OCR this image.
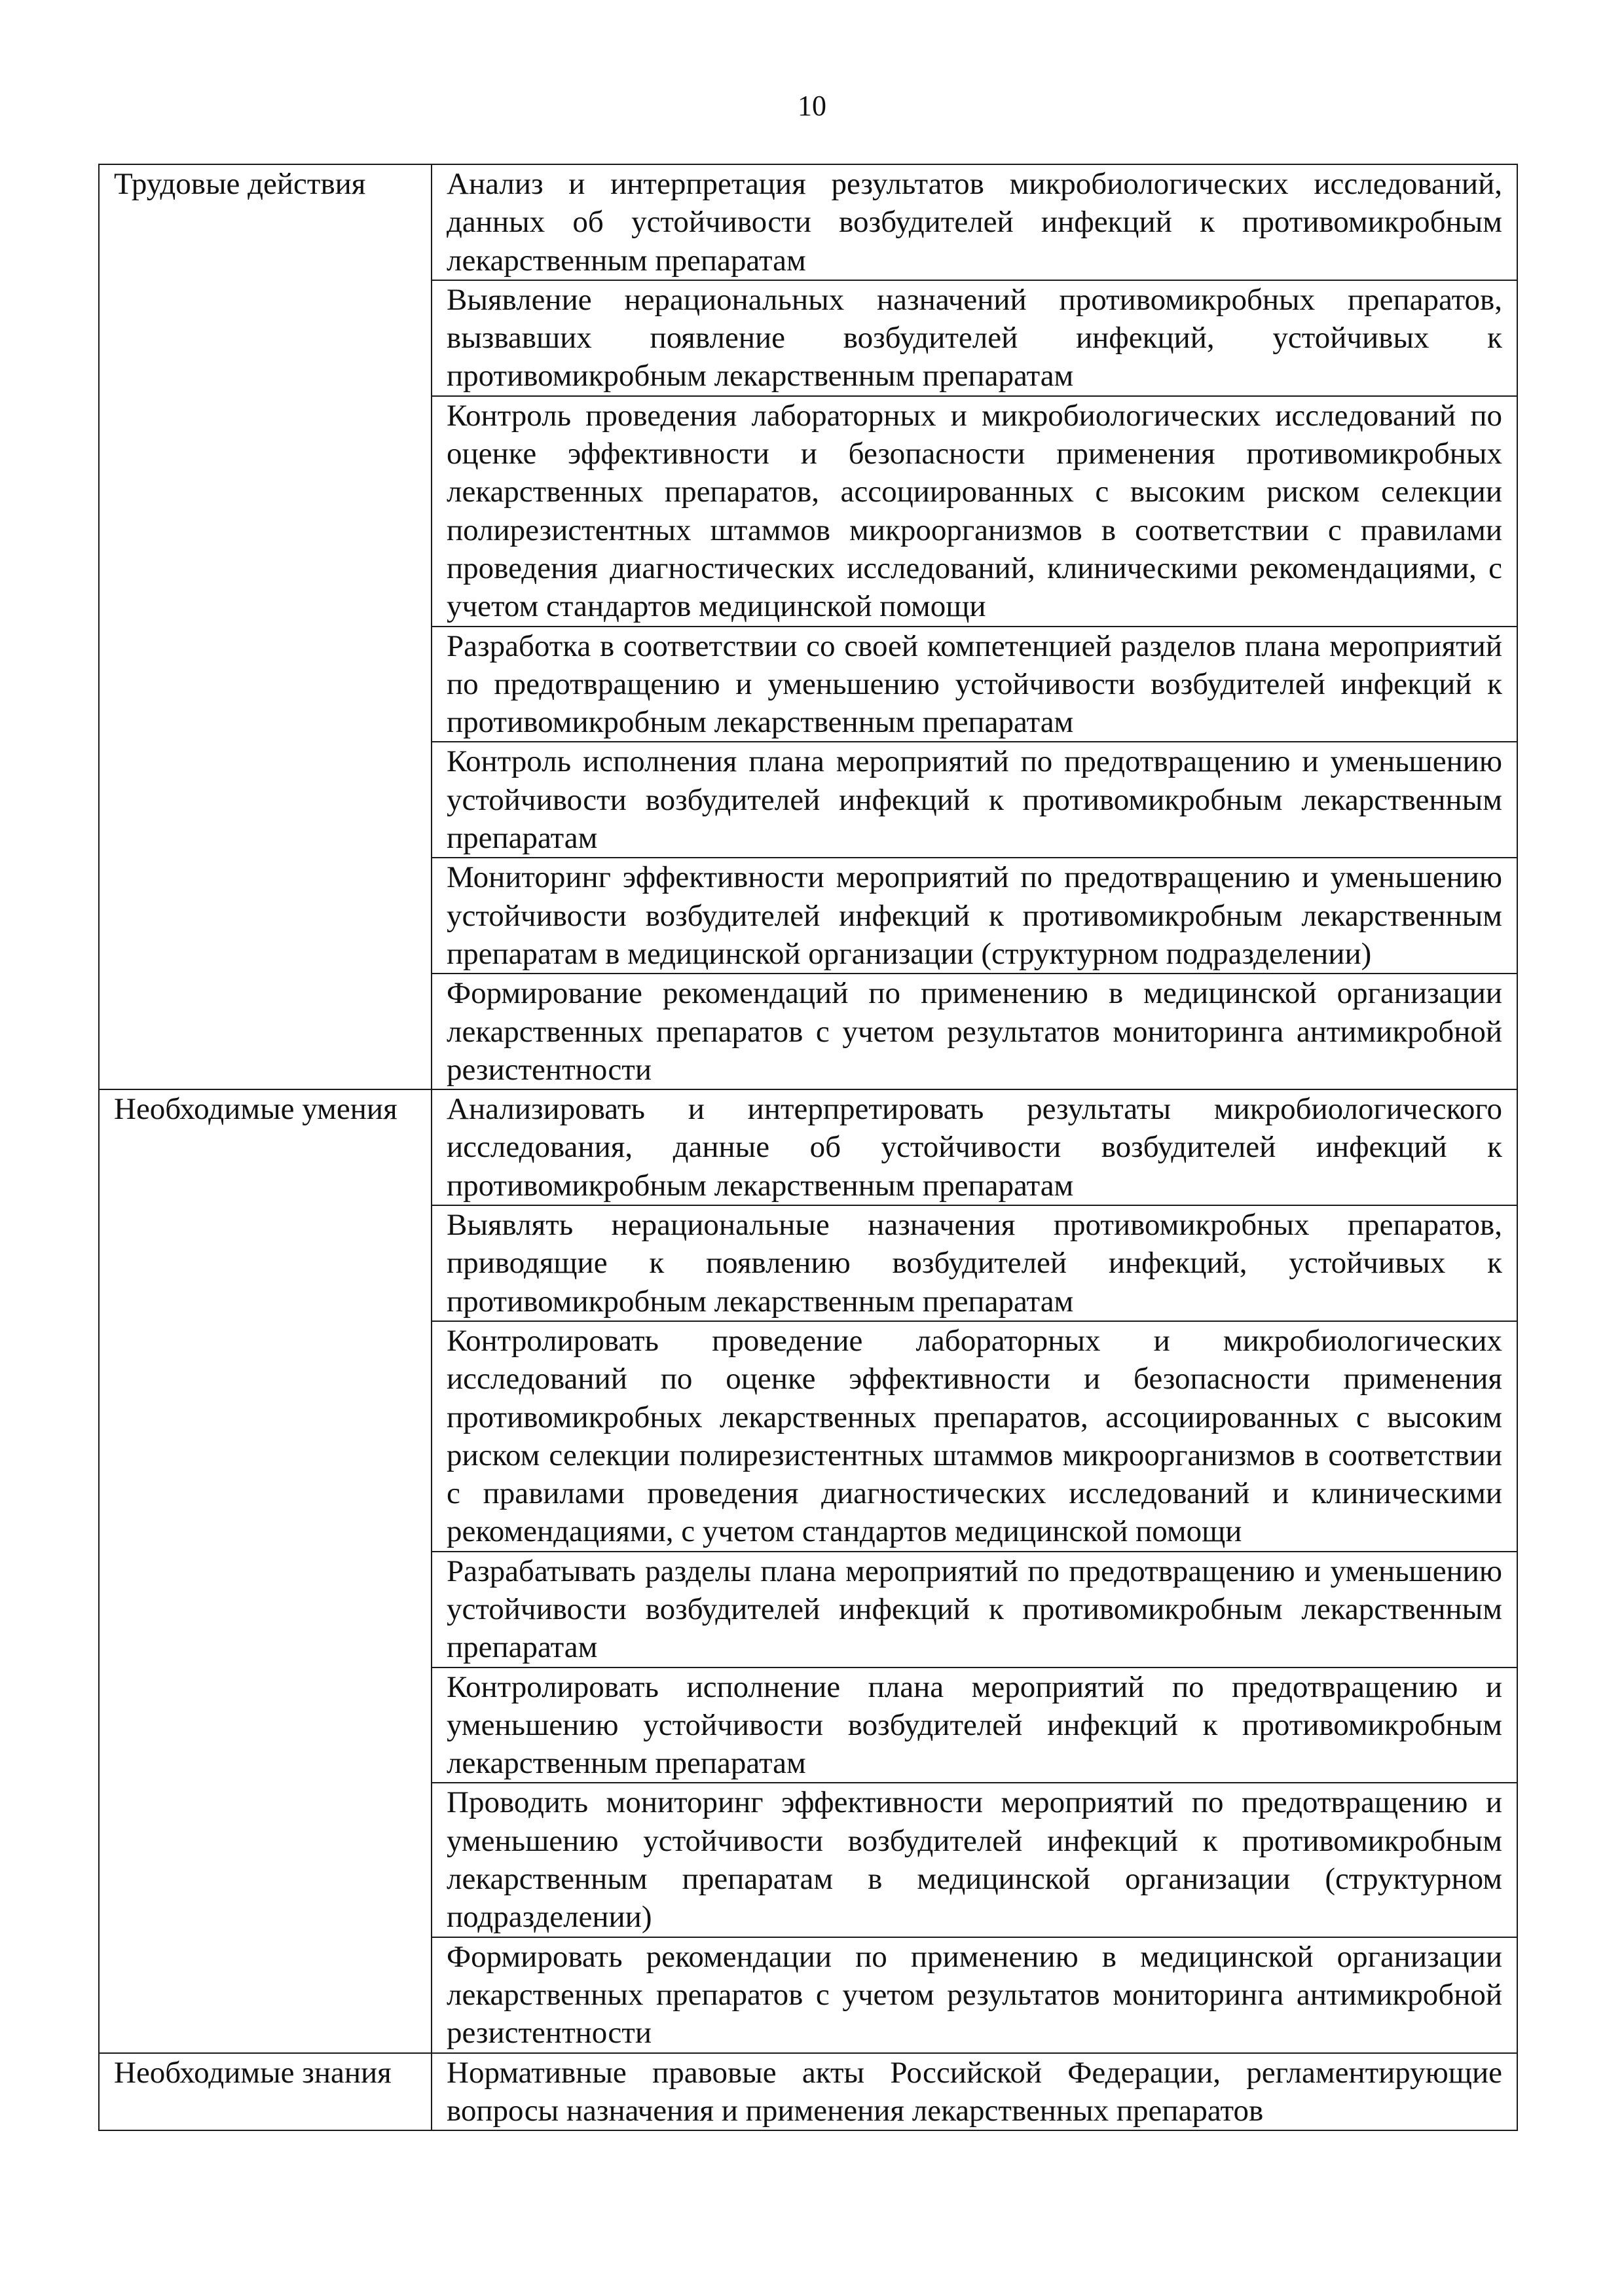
10
Трудовые действия	Анализ и интерпретация результатов микробиологических исследований, данных об устойчивости возбудителей инфекций к противомикробным лекарственным препаратам

	Выявление нерациональных назначений противомикробных препаратов, вызвавших появление возбудителей инфекций, устойчивых к противомикробным лекарственным препаратам

	Контроль проведения лабораторных и микробиологических исследований по оценке эффективности и безопасности применения противомикробных лекарственных препаратов, ассоциированных с высоким риском селекции полирезистентных штаммов микроорганизмов в соответствии с правилами проведения диагностических исследований, клиническими рекомендациями, с учетом стандартов медицинской помощи

	Разработка в соответствии со своей компетенцией разделов плана мероприятий по предотвращению и уменьшению устойчивости возбудителей инфекций к противомикробным лекарственным препаратам

	Контроль исполнения плана мероприятий по предотвращению и уменьшению устойчивости возбудителей инфекций к противомикробным лекарственным препаратам

	Мониторинг эффективности мероприятий по предотвращению и уменьшению устойчивости возбудителей инфекций к противомикробным лекарственным препаратам в медицинской организации (структурном подразделении)

	Формирование рекомендаций по применению в медицинской организации лекарственных препаратов с учетом результатов мониторинга антимикробной резистентности

Необходимые умения	Анализировать и интерпретировать результаты микробиологического исследования, данные об устойчивости возбудителей инфекций к противомикробным лекарственным препаратам

	Выявлять нерациональные назначения противомикробных препаратов, приводящие к появлению возбудителей инфекций, устойчивых к противомикробным лекарственным препаратам

	Контролировать проведение лабораторных и микробиологических исследований по оценке эффективности и безопасности применения противомикробных лекарственных препаратов, ассоциированных с высоким риском селекции полирезистентных штаммов микроорганизмов в соответствии с правилами проведения диагностических исследований и клиническими рекомендациями, с учетом стандартов медицинской помощи

	Разрабатывать разделы плана мероприятий по предотвращению и уменьшению устойчивости возбудителей инфекций к противомикробным лекарственным препаратам

	Контролировать исполнение плана мероприятий по предотвращению и уменьшению устойчивости возбудителей инфекций к противомикробным лекарственным препаратам

	Проводить мониторинг эффективности мероприятий по предотвращению и уменьшению устойчивости возбудителей инфекций к противомикробным лекарственным препаратам в медицинской организации (структурном подразделении)

	Формировать рекомендации по применению в медицинской организации лекарственных препаратов с учетом результатов мониторинга антимикробной резистентности

Необходимые знания	Нормативные правовые акты Российской Федерации, регламентирующие вопросы назначения и применения лекарственных препаратов
